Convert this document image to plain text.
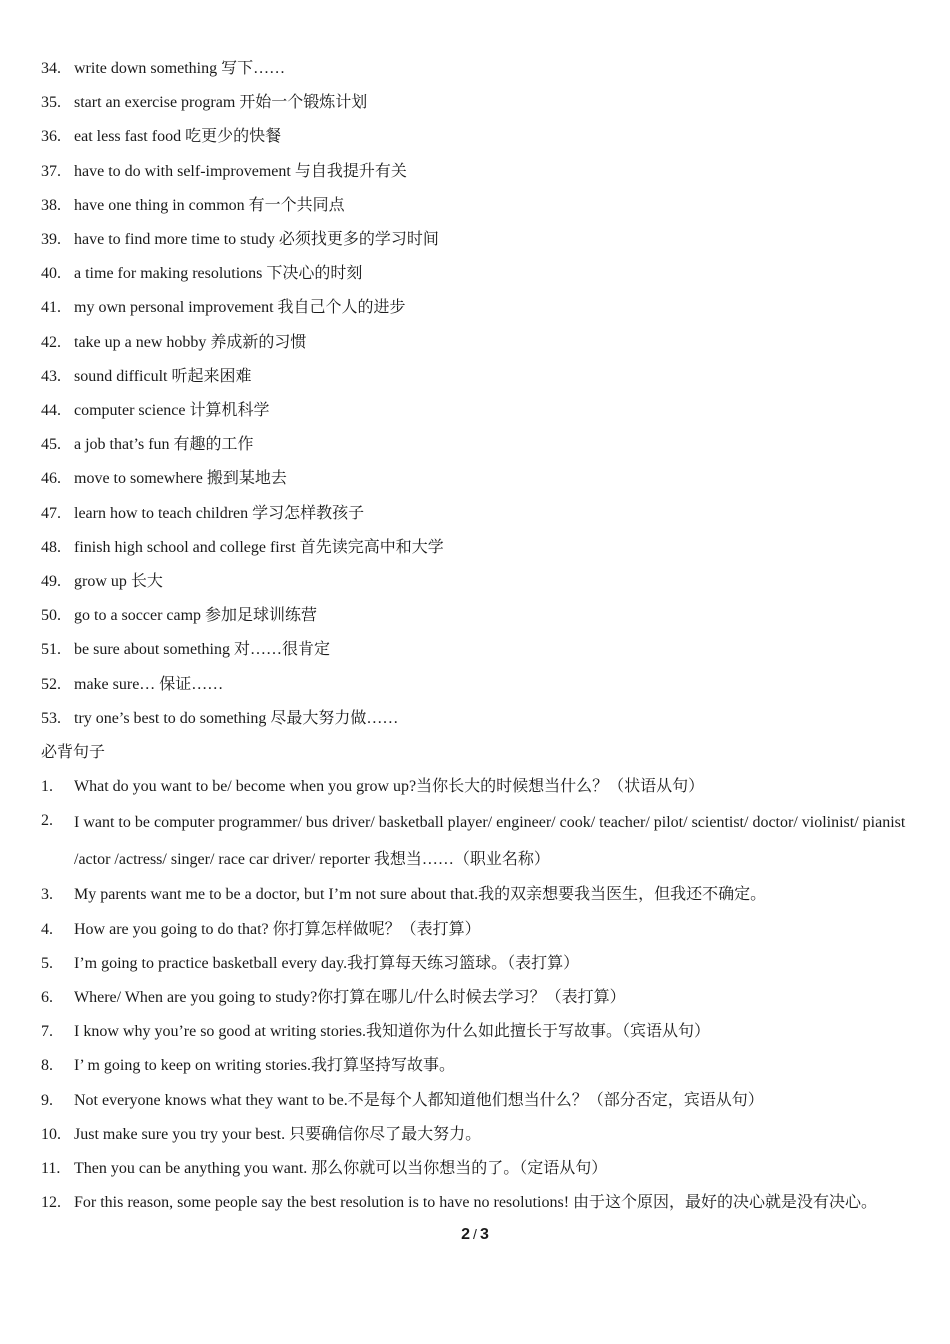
34. write down something 写下……
35. start an exercise program 开始一个锻炼计划
36. eat less fast food 吃更少的快餐
37. have to do with self-improvement 与自我提升有关
38. have one thing in common 有一个共同点
39. have to find more time to study 必须找更多的学习时间
40. a time for making resolutions 下决心的时刻
41. my own personal improvement 我自己个人的进步
42. take up a new hobby 养成新的习惯
43. sound difficult 听起来困难
44. computer science 计算机科学
45. a job that’s fun 有趣的工作
46. move to somewhere 搬到某地去
47. learn how to teach children 学习怎样教孩子
48. finish high school and college first 首先读完高中和大学
49. grow up 长大
50. go to a soccer camp 参加足球训练营
51. be sure about something 对……很肯定
52. make sure… 保证……
53. try one’s best to do something 尽最大努力做……
必背句子
1.	What do you want to be/ become when you grow up?当你长大的时候想当什么？（状语从句）
2.	I want to be computer programmer/ bus driver/ basketball player/ engineer/ cook/ teacher/ pilot/ scientist/ doctor/ violinist/ pianist /actor /actress/ singer/ race car driver/ reporter 我想当……（职业名称）
3.	My parents want me to be a doctor, but I’m not sure about that.我的双亲想要我当医生，但我还不确定。
4.	How are you going to do that? 你打算怎样做呢？（表打算）
5.	I’m going to practice basketball every day.我打算每天练习篮球。（表打算）
6.	Where/ When are you going to study?你打算在哪儿/什么时候去学习？（表打算）
7.	I know why you’re so good at writing stories.我知道你为什么如此擅长于写故事。（宾语从句）
8.	I’ m going to keep on writing stories.我打算坚持写故事。
9.	Not everyone knows what they want to be.不是每个人都知道他们想当什么？（部分否定，宾语从句）
10. Just make sure you try your best. 只要确信你尽了最大努力。
11. Then you can be anything you want. 那么你就可以当你想当的了。（定语从句）
12. For this reason, some people say the best resolution is to have no resolutions! 由于这个原因，最好的决心就是没有决心。
2 / 3
